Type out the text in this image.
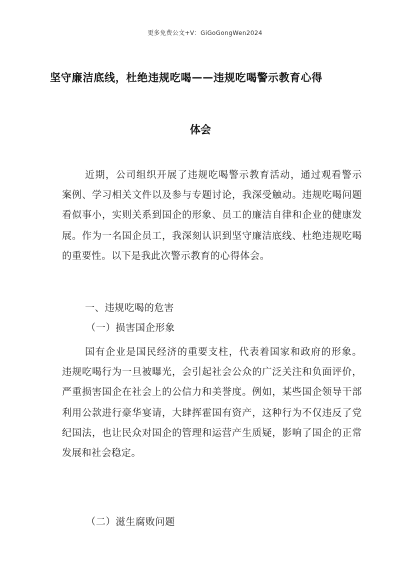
更多免费公文+V：GiGoGongWen2024
坚守廉洁底线，杜绝违规吃喝——违规吃喝警示教育心得
体会
近期，公司组织开展了违规吃喝警示教育活动，通过观看警示案例、学习相关文件以及参与专题讨论，我深受触动。违规吃喝问题看似事小，实则关系到国企的形象、员工的廉洁自律和企业的健康发展。作为一名国企员工，我深刻认识到坚守廉洁底线、杜绝违规吃喝的重要性。以下是我此次警示教育的心得体会。
一、违规吃喝的危害
（一）损害国企形象
国有企业是国民经济的重要支柱，代表着国家和政府的形象。违规吃喝行为一旦被曝光，会引起社会公众的广泛关注和负面评价，严重损害国企在社会上的公信力和美誉度。例如，某些国企领导干部利用公款进行豪华宴请，大肆挥霍国有资产，这种行为不仅违反了党纪国法，也让民众对国企的管理和运营产生质疑，影响了国企的正常发展和社会稳定。
（二）滋生腐败问题
